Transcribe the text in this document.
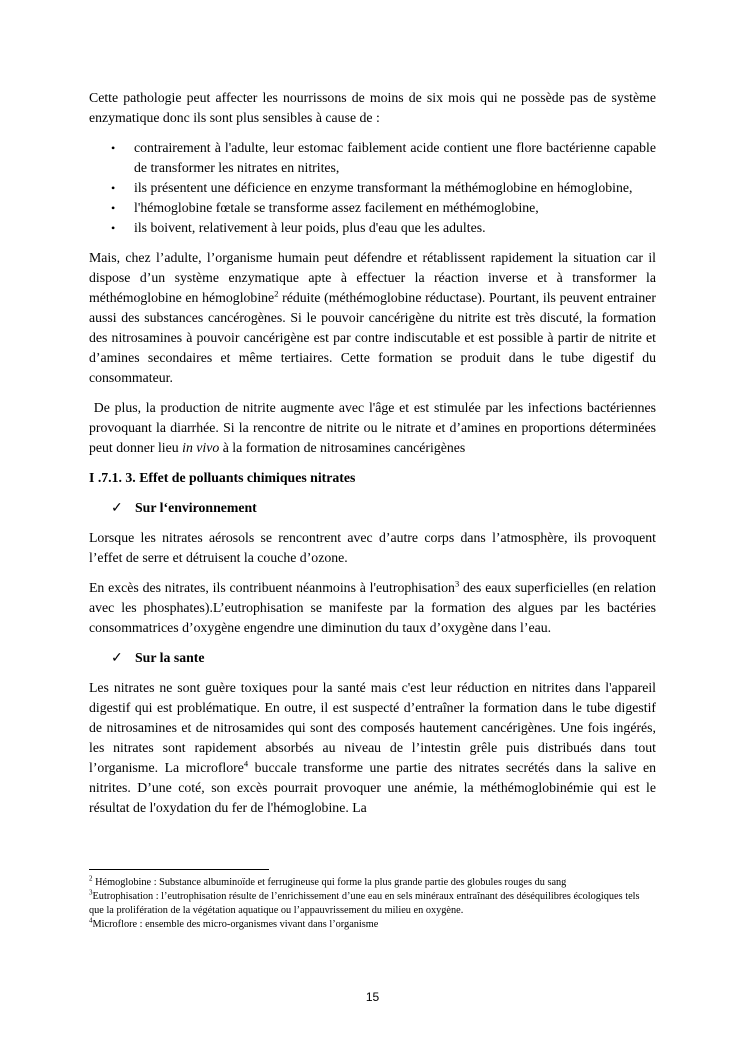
Cette pathologie peut affecter les nourrissons de moins de six mois qui ne possède pas de système enzymatique donc ils sont plus sensibles à cause de :

• contrairement à l'adulte, leur estomac faiblement acide contient une flore bactérienne capable de transformer les nitrates en nitrites,
• ils présentent une déficience en enzyme transformant la méthémoglobine en hémoglobine,
• l'hémoglobine fœtale se transforme assez facilement en méthémoglobine,
• ils boivent, relativement à leur poids, plus d'eau que les adultes.

Mais, chez l’adulte, l’organisme humain peut défendre et rétablissent rapidement la situation car il dispose d’un système enzymatique apte à effectuer la réaction inverse et à transformer la méthémoglobine en hémoglobine$^2$ réduite (méthémoglobine réductase). Pourtant, ils peuvent entrainer aussi des substances cancérogènes. Si le pouvoir cancérigène du nitrite est très discuté, la formation des nitrosamines à pouvoir cancérigène est par contre indiscutable et est possible à partir de nitrite et d’amines secondaires et même tertiaires. Cette formation se produit dans le tube digestif du consommateur.

De plus, la production de nitrite augmente avec l'âge et est stimulée par les infections bactériennes provoquant la diarrhée. Si la rencontre de nitrite ou le nitrate et d’amines en proportions déterminées peut donner lieu in vivo à la formation de nitrosamines cancérigènes

I .7.1. 3. Effet de polluants chimiques nitrates

✓ Sur l‘environnement

Lorsque les nitrates aérosols se rencontrent avec d’autre corps dans l’atmosphère, ils provoquent l’effet de serre et détruisent la couche d’ozone.

En excès des nitrates, ils contribuent néanmoins à l'eutrophisation$^3$ des eaux superficielles (en relation avec les phosphates).L’eutrophisation se manifeste par la formation des algues par les bactéries consommatrices d’oxygène engendre une diminution du taux d’oxygène dans l’eau.

✓ Sur la sante

Les nitrates ne sont guère toxiques pour la santé mais c'est leur réduction en nitrites dans l'appareil digestif qui est problématique. En outre, il est suspecté d’entraîner la formation dans le tube digestif de nitrosamines et de nitrosamides qui sont des composés hautement cancérigènes. Une fois ingérés, les nitrates sont rapidement absorbés au niveau de l’intestin grêle puis distribués dans tout l’organisme. La microflore$^4$ buccale transforme une partie des nitrates secrétés dans la salive en nitrites. D’une coté, son excès pourrait provoquer une anémie, la méthémoglobinémie qui est le résultat de l'oxydation du fer de l'hémoglobine. La

$^2$ Hémoglobine : Substance albuminoïde et ferrugineuse qui forme la plus grande partie des globules rouges du sang

$^3$Eutrophisation : l’eutrophisation résulte de l’enrichissement d’une eau en sels minéraux entraînant des déséquilibres écologiques tels que la prolifération de la végétation aquatique ou l’appauvrissement du milieu en oxygène.

$^4$Microflore : ensemble des micro-organismes vivant dans l’organisme

15
